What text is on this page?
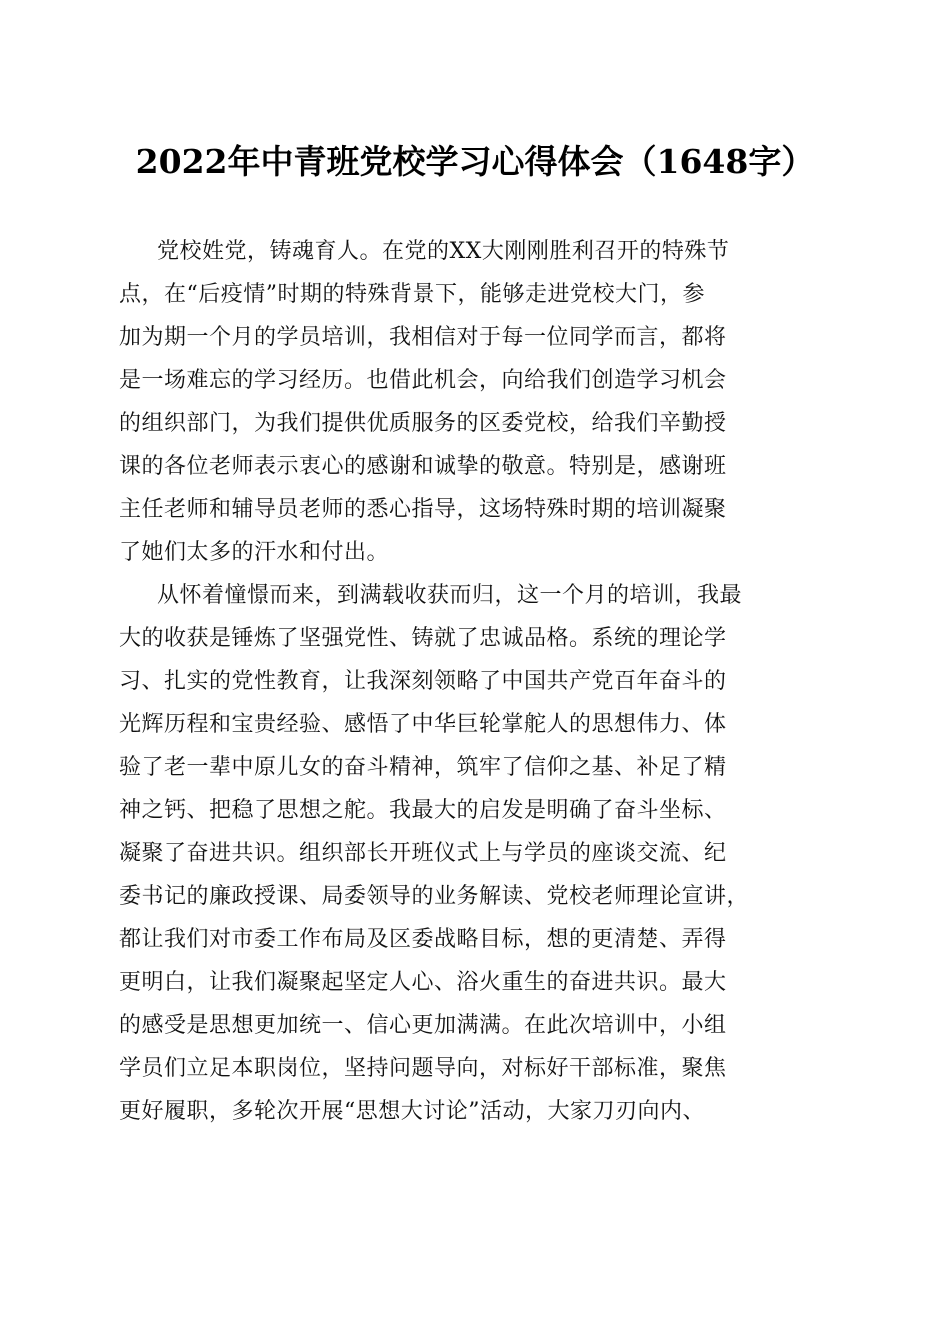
2022年中青班党校学习心得体会（1648字）
党校姓党，铸魂育人。在党的XX大刚刚胜利召开的特殊节
点，在“后疫情”时期的特殊背景下，能够走进党校大门，参
加为期一个月的学员培训，我相信对于每一位同学而言，都将
是一场难忘的学习经历。也借此机会，向给我们创造学习机会
的组织部门，为我们提供优质服务的区委党校，给我们辛勤授
课的各位老师表示衷心的感谢和诚挚的敬意。特别是，感谢班
主任老师和辅导员老师的悉心指导，这场特殊时期的培训凝聚
了她们太多的汗水和付出。
从怀着憧憬而来，到满载收获而归，这一个月的培训，我最
大的收获是锤炼了坚强党性、铸就了忠诚品格。系统的理论学
习、扎实的党性教育，让我深刻领略了中国共产党百年奋斗的
光辉历程和宝贵经验、感悟了中华巨轮掌舵人的思想伟力、体
验了老一辈中原儿女的奋斗精神，筑牢了信仰之基、补足了精
神之钙、把稳了思想之舵。我最大的启发是明确了奋斗坐标、
凝聚了奋进共识。组织部长开班仪式上与学员的座谈交流、纪
委书记的廉政授课、局委领导的业务解读、党校老师理论宣讲，
都让我们对市委工作布局及区委战略目标，想的更清楚、弄得
更明白，让我们凝聚起坚定人心、浴火重生的奋进共识。最大
的感受是思想更加统一、信心更加满满。在此次培训中，小组
学员们立足本职岗位，坚持问题导向，对标好干部标准，聚焦
更好履职，多轮次开展“思想大讨论”活动，大家刀刃向内、
